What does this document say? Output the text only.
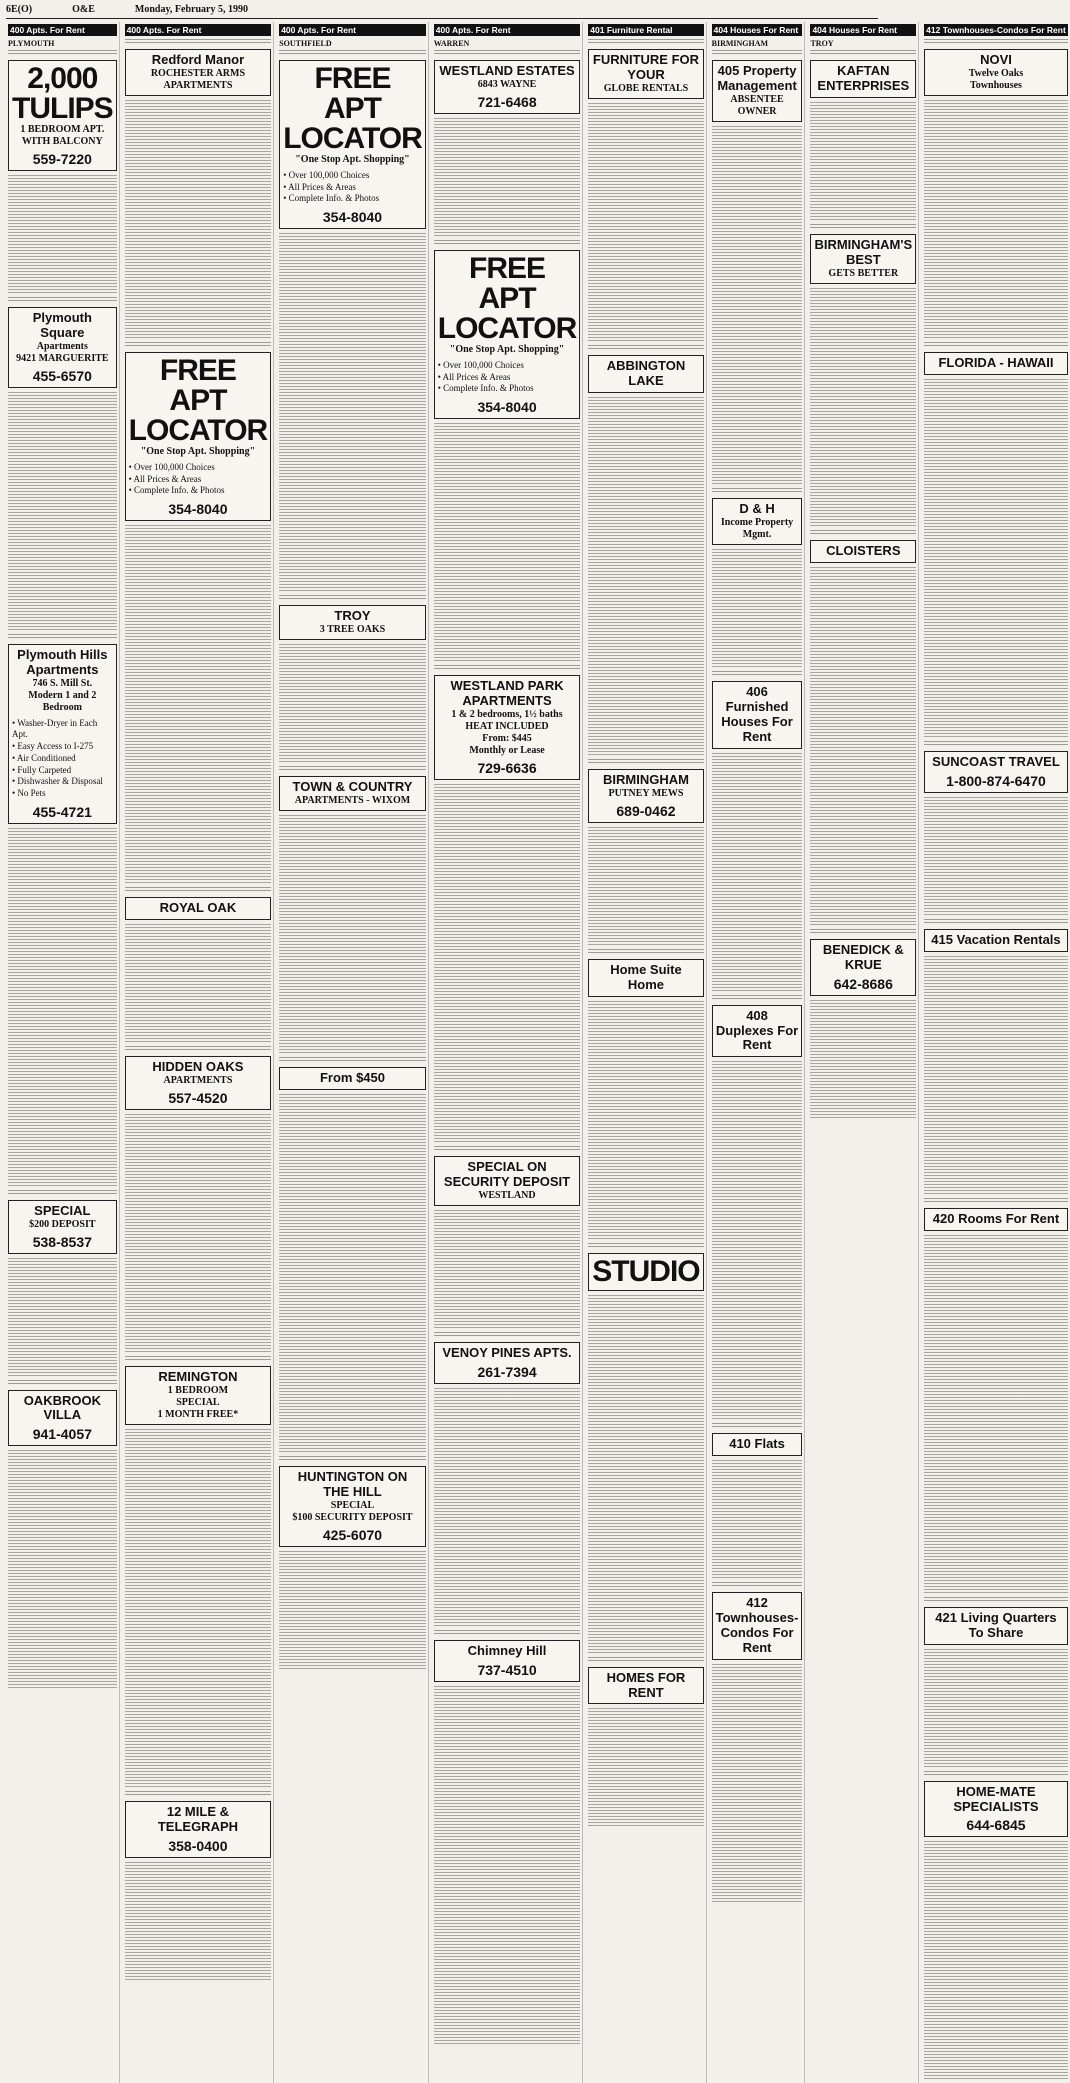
6E(O)	O&E	Monday, February 5, 1990
400 Apts. For Rent
PLYMOUTH
2,000 TULIPS
1 BEDROOM APT.
WITH BALCONY
559-7220
Plymouth Square
Apartments
9421 MARGUERITE
455-6570
Plymouth Hills Apartments
746 S. Mill St.
Modern 1 and 2 Bedroom
• Washer-Dryer in Each Apt.
• Easy Access to I-275
• Air Conditioned
• Fully Carpeted
• Dishwasher & Disposal
• No Pets
455-4721
SPECIAL
$200 DEPOSIT
538-8537
OAKBROOK VILLA
941-4057
400 Apts. For Rent
Redford Manor
ROCHESTER ARMS
APARTMENTS
FREE APT LOCATOR
"One Stop Apt. Shopping"
• Over 100,000 Choices
• All Prices & Areas
• Complete Info. & Photos
354-8040
ROYAL OAK
HIDDEN OAKS
APARTMENTS
557-4520
REMINGTON
1 BEDROOM
SPECIAL
1 MONTH FREE*
12 MILE & TELEGRAPH
358-0400
400 Apts. For Rent
SOUTHFIELD
FREE APT LOCATOR
"One Stop Apt. Shopping"
• Over 100,000 Choices
• All Prices & Areas
• Complete Info. & Photos
354-8040
TROY
3 TREE OAKS
TOWN & COUNTRY
APARTMENTS - WIXOM
From $450
HUNTINGTON ON THE HILL
SPECIAL
$100 SECURITY DEPOSIT
425-6070
400 Apts. For Rent
WARREN
WESTLAND ESTATES
6843 WAYNE
721-6468
FREE APT LOCATOR
"One Stop Apt. Shopping"
• Over 100,000 Choices
• All Prices & Areas
• Complete Info. & Photos
354-8040
WESTLAND PARK APARTMENTS
1 & 2 bedrooms, 1½ baths
HEAT INCLUDED
From: $445
Monthly or Lease
729-6636
SPECIAL ON SECURITY DEPOSIT
WESTLAND
VENOY PINES APTS.
261-7394
Chimney Hill
737-4510
401 Furniture Rental
FURNITURE FOR YOUR
GLOBE RENTALS
ABBINGTON LAKE
BIRMINGHAM
PUTNEY MEWS
689-0462
Home Suite Home
STUDIO
HOMES FOR RENT
404 Houses For Rent
BIRMINGHAM
405 Property Management
ABSENTEE OWNER
D & H
Income Property Mgmt.
406 Furnished Houses For Rent
408 Duplexes For Rent
410 Flats
412 Townhouses-Condos For Rent
404 Houses For Rent
TROY
KAFTAN ENTERPRISES
BIRMINGHAM'S BEST
GETS BETTER
CLOISTERS
BENEDICK & KRUE
642-8686
412 Townhouses-Condos For Rent
NOVI
Twelve Oaks
Townhouses
FLORIDA - HAWAII
SUNCOAST TRAVEL
1-800-874-6470
415 Vacation Rentals
420 Rooms For Rent
421 Living Quarters To Share
HOME-MATE SPECIALISTS
644-6845
